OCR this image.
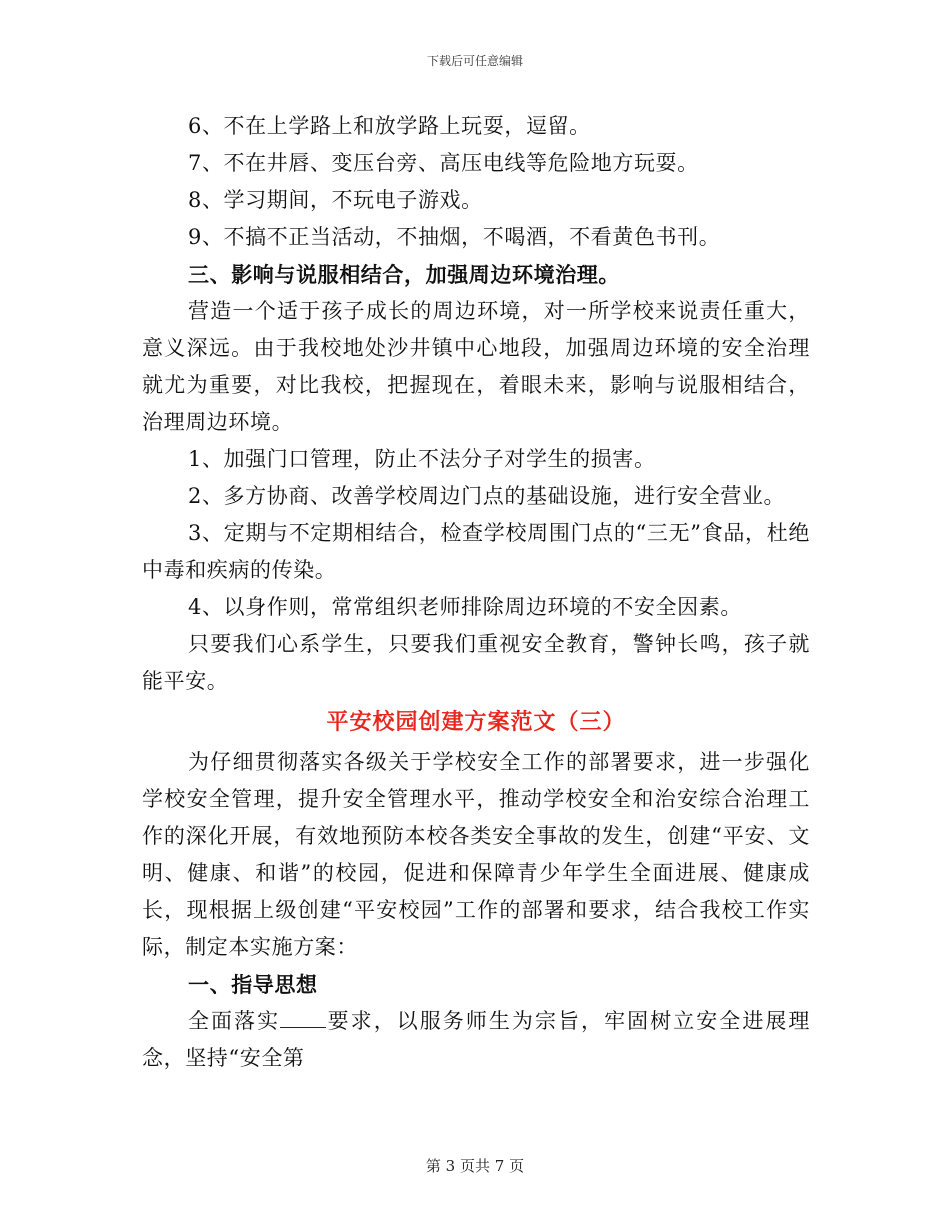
下载后可任意编辑

6、不在上学路上和放学路上玩耍，逗留。

7、不在井唇、变压台旁、高压电线等危险地方玩耍。

8、学习期间，不玩电子游戏。

9、不搞不正当活动，不抽烟，不喝酒，不看黄色书刊。

三、影响与说服相结合，加强周边环境治理。

营造一个适于孩子成长的周边环境，对一所学校来说责任重大，意义深远。由于我校地处沙井镇中心地段，加强周边环境的安全治理就尤为重要，对比我校，把握现在，着眼未来，影响与说服相结合，治理周边环境。

1、加强门口管理，防止不法分子对学生的损害。

2、多方协商、改善学校周边门点的基础设施，进行安全营业。

3、定期与不定期相结合，检查学校周围门点的“三无”食品，杜绝中毒和疾病的传染。

4、以身作则，常常组织老师排除周边环境的不安全因素。

只要我们心系学生，只要我们重视安全教育，警钟长鸣，孩子就能平安。

平安校园创建方案范文（三）

为仔细贯彻落实各级关于学校安全工作的部署要求，进一步强化学校安全管理，提升安全管理水平，推动学校安全和治安综合治理工作的深化开展，有效地预防本校各类安全事故的发生，创建“平安、文明、健康、和谐”的校园，促进和保障青少年学生全面进展、健康成长，现根据上级创建“平安校园”工作的部署和要求，结合我校工作实际，制定本实施方案：

一、指导思想

全面落实 要求，以服务师生为宗旨，牢固树立安全进展理念，坚持“安全第

第 3 页共 7 页
